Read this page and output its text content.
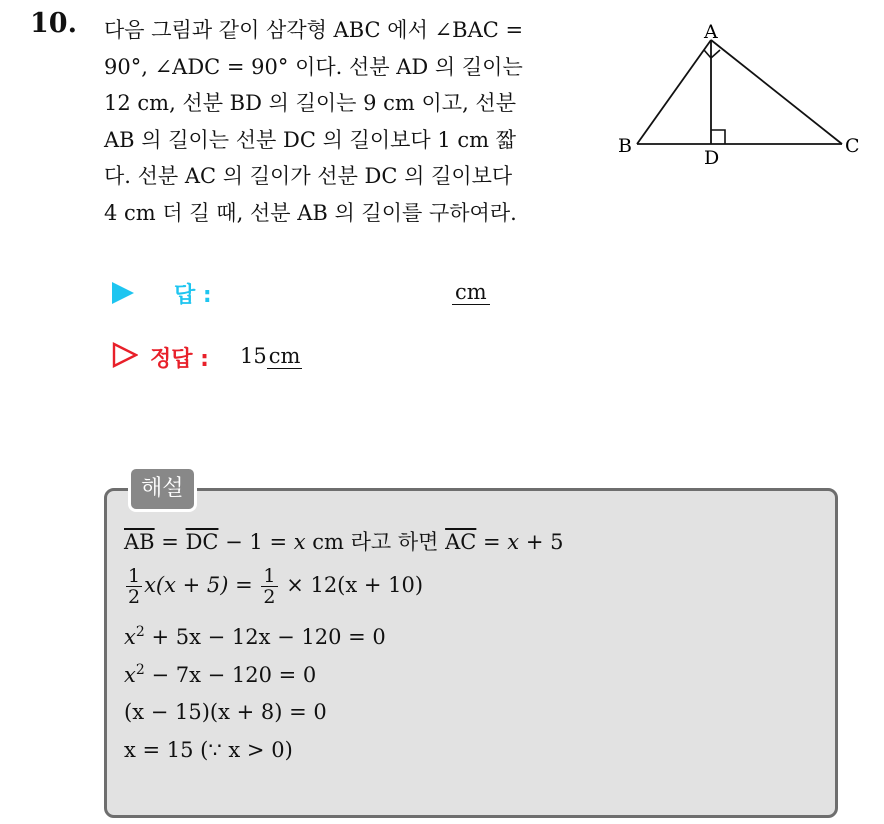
10. 다음 그림과 같이 삼각형 ABC 에서 ∠BAC =
90°, ∠ADC = 90° 이다. 선분 AD 의 길이는
12 cm, 선분 BD 의 길이는 9 cm 이고, 선분
AB 의 길이는 선분 DC 의 길이보다 1 cm 짧
다. 선분 AC 의 길이가 선분 DC 의 길이보다
4 cm 더 길 때, 선분 AB 의 길이를 구하여라.
A
B	C
D
답 :	cm
정답 : 15cm
해설
$\overline{AB} = \overline{DC} - 1 = x$ cm 라고 하면 $\overline{AC} = x + 5$
$\frac{1}{2} x(x + 5) = \frac{1}{2} \times 12(x + 10)$
$x^2 + 5x - 12x - 120 = 0$
$x^2 - 7x - 120 = 0$
(x − 15)(x + 8) = 0
x = 15 (∵ x > 0)
